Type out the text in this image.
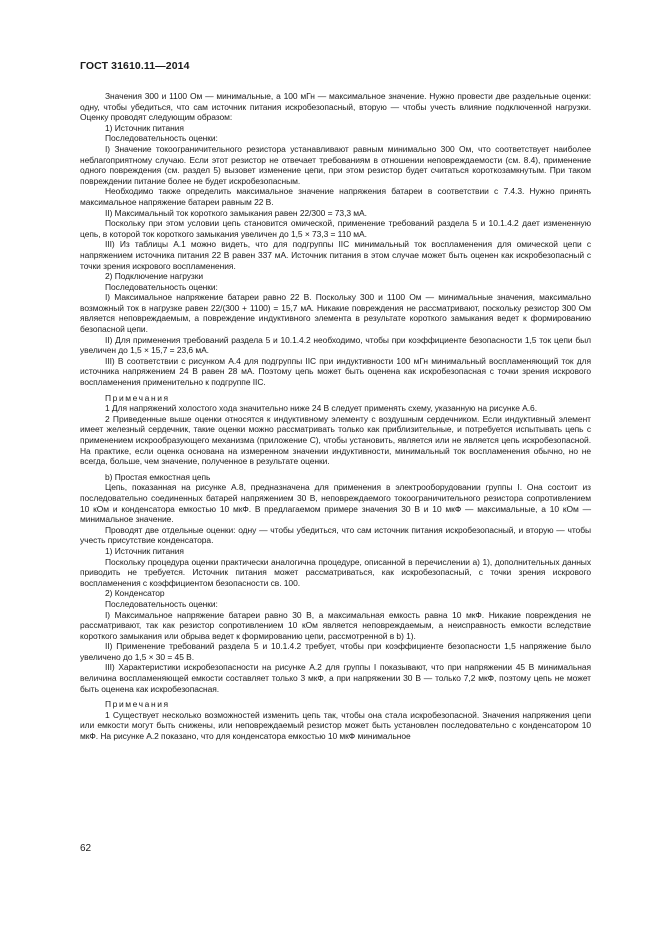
ГОСТ 31610.11—2014

Значения 300 и 1100 Ом — минимальные, а 100 мГн — максимальное значение. Нужно провести две раздельные оценки: одну, чтобы убедиться, что сам источник питания искробезопасный, вторую — чтобы учесть влияние подключенной нагрузки. Оценку проводят следующим образом:

1) Источник питания

Последовательность оценки:

I) Значение токоограничительного резистора устанавливают равным минимально 300 Ом, что соответствует наиболее неблагоприятному случаю. Если этот резистор не отвечает требованиям в отношении неповреждаемости (см. 8.4), применение одного повреждения (см. раздел 5) вызовет изменение цепи, при этом резистор будет считаться короткозамкнутым. При таком повреждении питание более не будет искробезопасным.

Необходимо также определить максимальное значение напряжения батареи в соответствии с 7.4.3. Нужно принять максимальное напряжение батареи равным 22 В.

II) Максимальный ток короткого замыкания равен 22/300 = 73,3 мА.

Поскольку при этом условии цепь становится омической, применение требований раздела 5 и 10.1.4.2 дает измененную цепь, в которой ток короткого замыкания увеличен до 1,5 × 73,3 = 110 мА.

III) Из таблицы А.1 можно видеть, что для подгруппы IIC минимальный ток воспламенения для омической цепи с напряжением источника питания 22 В равен 337 мА. Источник питания в этом случае может быть оценен как искробезопасный с точки зрения искрового воспламенения.

2) Подключение нагрузки

Последовательность оценки:

I) Максимальное напряжение батареи равно 22 В. Поскольку 300 и 1100 Ом — минимальные значения, максимально возможный ток в нагрузке равен 22/(300 + 1100) = 15,7 мА. Никакие повреждения не рассматривают, поскольку резистор 300 Ом является неповреждаемым, а повреждение индуктивного элемента в результате короткого замыкания ведет к формированию безопасной цепи.

II) Для применения требований раздела 5 и 10.1.4.2 необходимо, чтобы при коэффициенте безопасности 1,5 ток цепи был увеличен до 1,5 × 15,7 = 23,6 мА.

III) В соответствии с рисунком А.4 для подгруппы IIC при индуктивности 100 мГн минимальный воспламеняющий ток для источника напряжением 24 В равен 28 мА. Поэтому цепь может быть оценена как искробезопасная с точки зрения искрового воспламенения применительно к подгруппе IIC.

Примечания

1 Для напряжений холостого хода значительно ниже 24 В следует применять схему, указанную на рисунке А.6.

2 Приведенные выше оценки относятся к индуктивному элементу с воздушным сердечником. Если индуктивный элемент имеет железный сердечник, такие оценки можно рассматривать только как приблизительные, и потребуется испытывать цепь с применением искрообразующего механизма (приложение С), чтобы установить, является или не является цепь искробезопасной. На практике, если оценка основана на измеренном значении индуктивности, минимальный ток воспламенения обычно, но не всегда, больше, чем значение, полученное в результате оценки.

b) Простая емкостная цепь

Цепь, показанная на рисунке А.8, предназначена для применения в электрооборудовании группы I. Она состоит из последовательно соединенных батарей напряжением 30 В, неповреждаемого токоограничительного резистора сопротивлением 10 кОм и конденсатора емкостью 10 мкФ. В предлагаемом примере значения 30 В и 10 мкФ — максимальные, а 10 кОм — минимальное значение.

Проводят две отдельные оценки: одну — чтобы убедиться, что сам источник питания искробезопасный, и вторую — чтобы учесть присутствие конденсатора.

1) Источник питания

Поскольку процедура оценки практически аналогична процедуре, описанной в перечислении а) 1), дополнительных данных приводить не требуется. Источник питания может рассматриваться, как искробезопасный, с точки зрения искрового воспламенения с коэффициентом безопасности св. 100.

2) Конденсатор

Последовательность оценки:

I) Максимальное напряжение батареи равно 30 В, а максимальная емкость равна 10 мкФ. Никакие повреждения не рассматривают, так как резистор сопротивлением 10 кОм является неповреждаемым, а неисправность емкости вследствие короткого замыкания или обрыва ведет к формированию цепи, рассмотренной в b) 1).

II) Применение требований раздела 5 и 10.1.4.2 требует, чтобы при коэффициенте безопасности 1,5 напряжение было увеличено до 1,5 × 30 = 45 В.

III) Характеристики искробезопасности на рисунке А.2 для группы I показывают, что при напряжении 45 В минимальная величина воспламеняющей емкости составляет только 3 мкФ, а при напряжении 30 В — только 7,2 мкФ, поэтому цепь не может быть оценена как искробезопасная.

Примечания

1 Существует несколько возможностей изменить цепь так, чтобы она стала искробезопасной. Значения напряжения цепи или емкости могут быть снижены, или неповреждаемый резистор может быть установлен последовательно с конденсатором 10 мкФ. На рисунке А.2 показано, что для конденсатора емкостью 10 мкФ минимальное

62
